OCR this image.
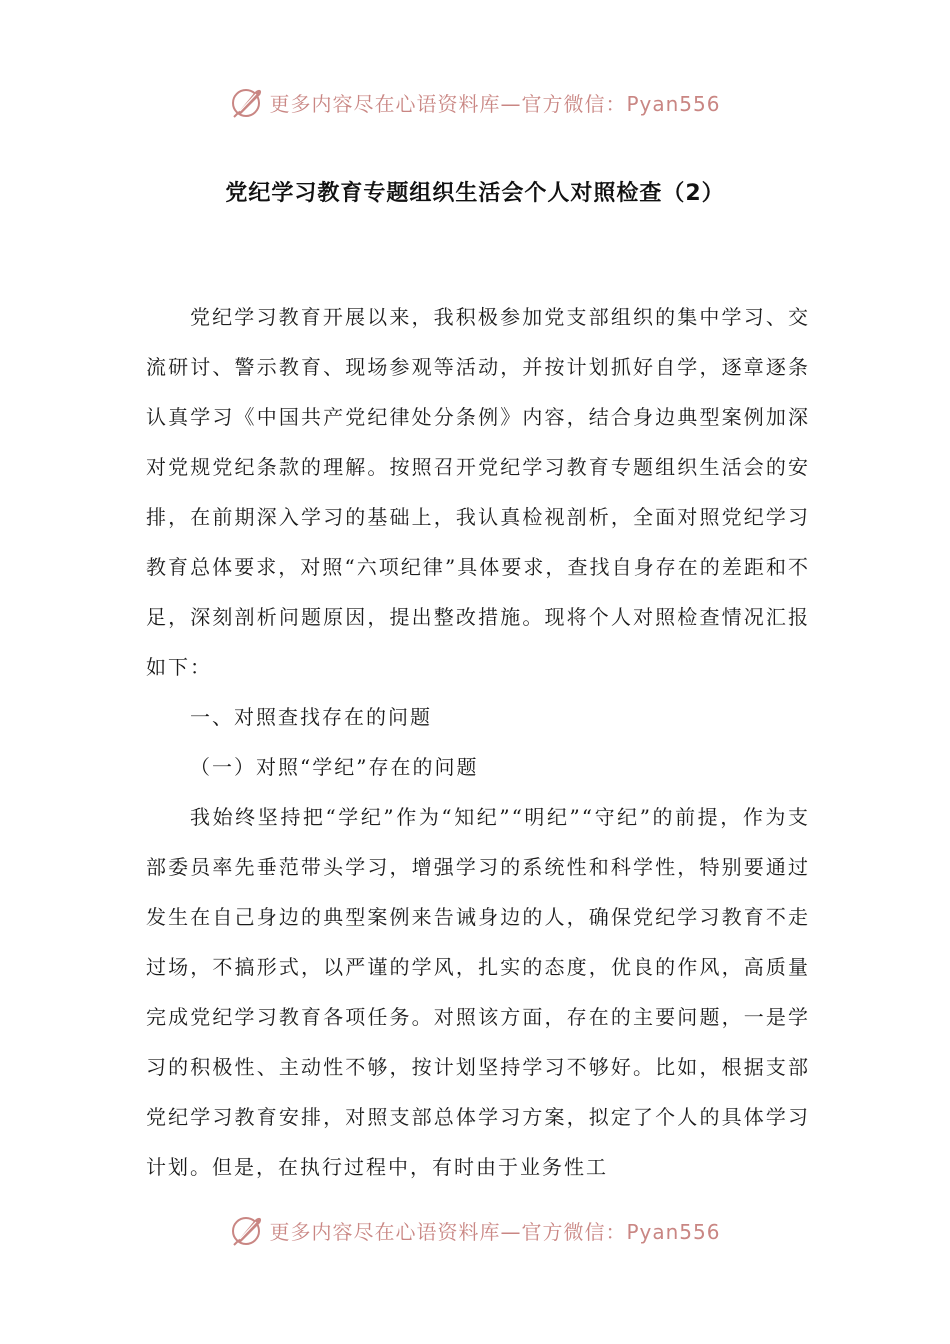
更多内容尽在心语资料库—官方微信：Pyan556
党纪学习教育专题组织生活会个人对照检查（2）

党纪学习教育开展以来，我积极参加党支部组织的集中学习、交流研讨、警示教育、现场参观等活动，并按计划抓好自学，逐章逐条认真学习《中国共产党纪律处分条例》内容，结合身边典型案例加深对党规党纪条款的理解。按照召开党纪学习教育专题组织生活会的安排，在前期深入学习的基础上，我认真检视剖析，全面对照党纪学习教育总体要求，对照“六项纪律”具体要求，查找自身存在的差距和不足，深刻剖析问题原因，提出整改措施。现将个人对照检查情况汇报如下：

一、对照查找存在的问题

（一）对照“学纪”存在的问题

我始终坚持把“学纪”作为“知纪”“明纪”“守纪”的前提，作为支部委员率先垂范带头学习，增强学习的系统性和科学性，特别要通过发生在自己身边的典型案例来告诫身边的人，确保党纪学习教育不走过场，不搞形式，以严谨的学风，扎实的态度，优良的作风，高质量完成党纪学习教育各项任务。对照该方面，存在的主要问题，一是学习的积极性、主动性不够，按计划坚持学习不够好。比如，根据支部党纪学习教育安排，对照支部总体学习方案，拟定了个人的具体学习计划。但是，在执行过程中，有时由于业务性工

更多内容尽在心语资料库—官方微信：Pyan556
